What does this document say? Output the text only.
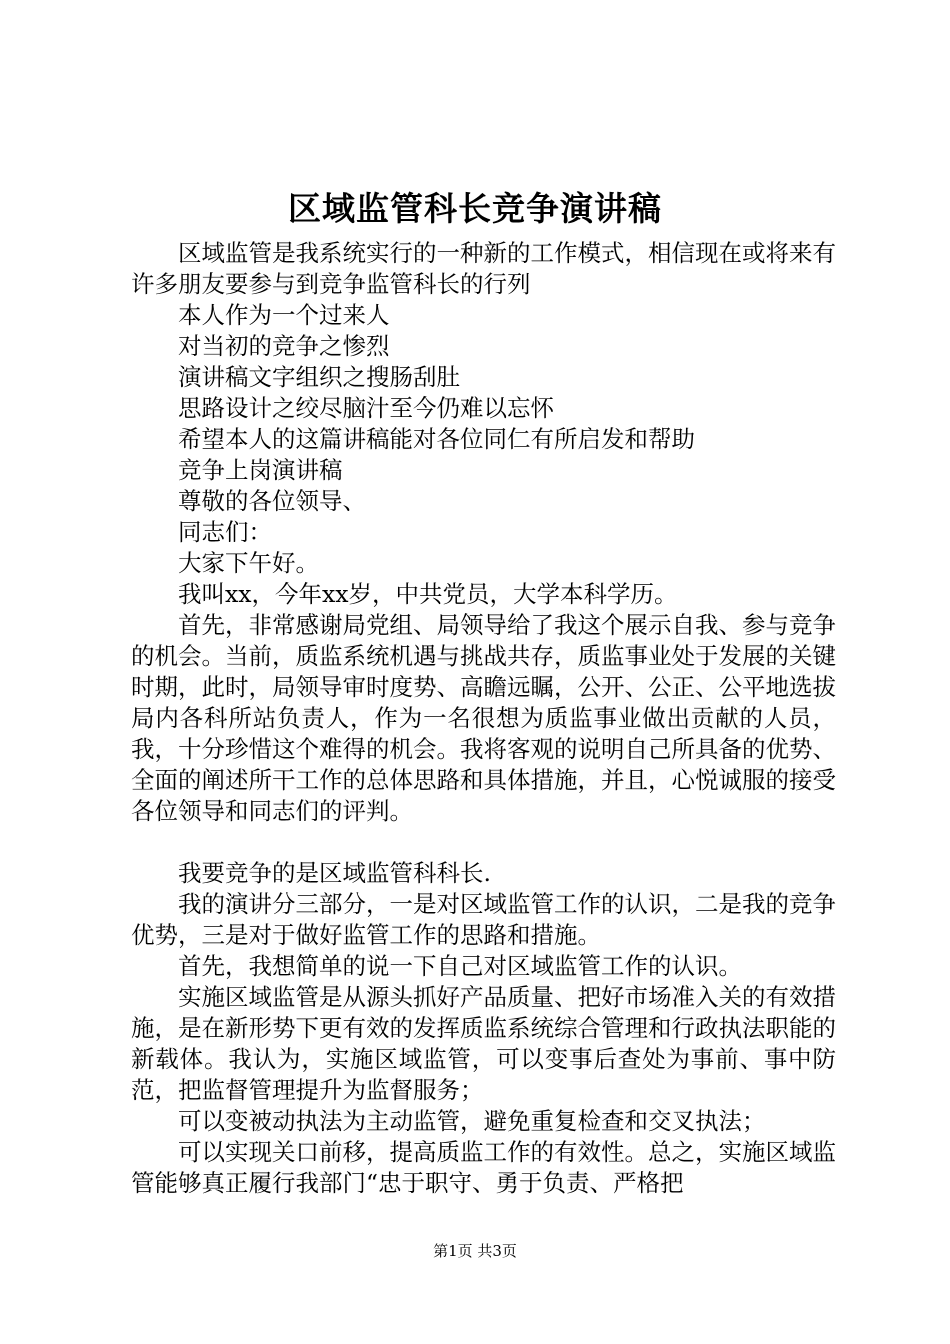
区域监管科长竞争演讲稿

区域监管是我系统实行的一种新的工作模式，相信现在或将来有许多朋友要参与到竞争监管科长的行列

本人作为一个过来人

对当初的竞争之惨烈

演讲稿文字组织之搜肠刮肚

思路设计之绞尽脑汁至今仍难以忘怀

希望本人的这篇讲稿能对各位同仁有所启发和帮助

竞争上岗演讲稿

尊敬的各位领导、

同志们：

大家下午好。

我叫xx，今年xx岁，中共党员，大学本科学历。

首先，非常感谢局党组、局领导给了我这个展示自我、参与竞争的机会。当前，质监系统机遇与挑战共存，质监事业处于发展的关键时期，此时，局领导审时度势、高瞻远瞩，公开、公正、公平地选拔局内各科所站负责人，作为一名很想为质监事业做出贡献的人员，我，十分珍惜这个难得的机会。我将客观的说明自己所具备的优势、全面的阐述所干工作的总体思路和具体措施，并且，心悦诚服的接受各位领导和同志们的评判。

我要竞争的是区域监管科科长.

我的演讲分三部分，一是对区域监管工作的认识，二是我的竞争优势，三是对于做好监管工作的思路和措施。

首先，我想简单的说一下自己对区域监管工作的认识。

实施区域监管是从源头抓好产品质量、把好市场准入关的有效措施，是在新形势下更有效的发挥质监系统综合管理和行政执法职能的新载体。我认为，实施区域监管，可以变事后查处为事前、事中防范，把监督管理提升为监督服务；

可以变被动执法为主动监管，避免重复检查和交叉执法；

可以实现关口前移，提高质监工作的有效性。总之，实施区域监管能够真正履行我部门“忠于职守、勇于负责、严格把

第1页 共3页
